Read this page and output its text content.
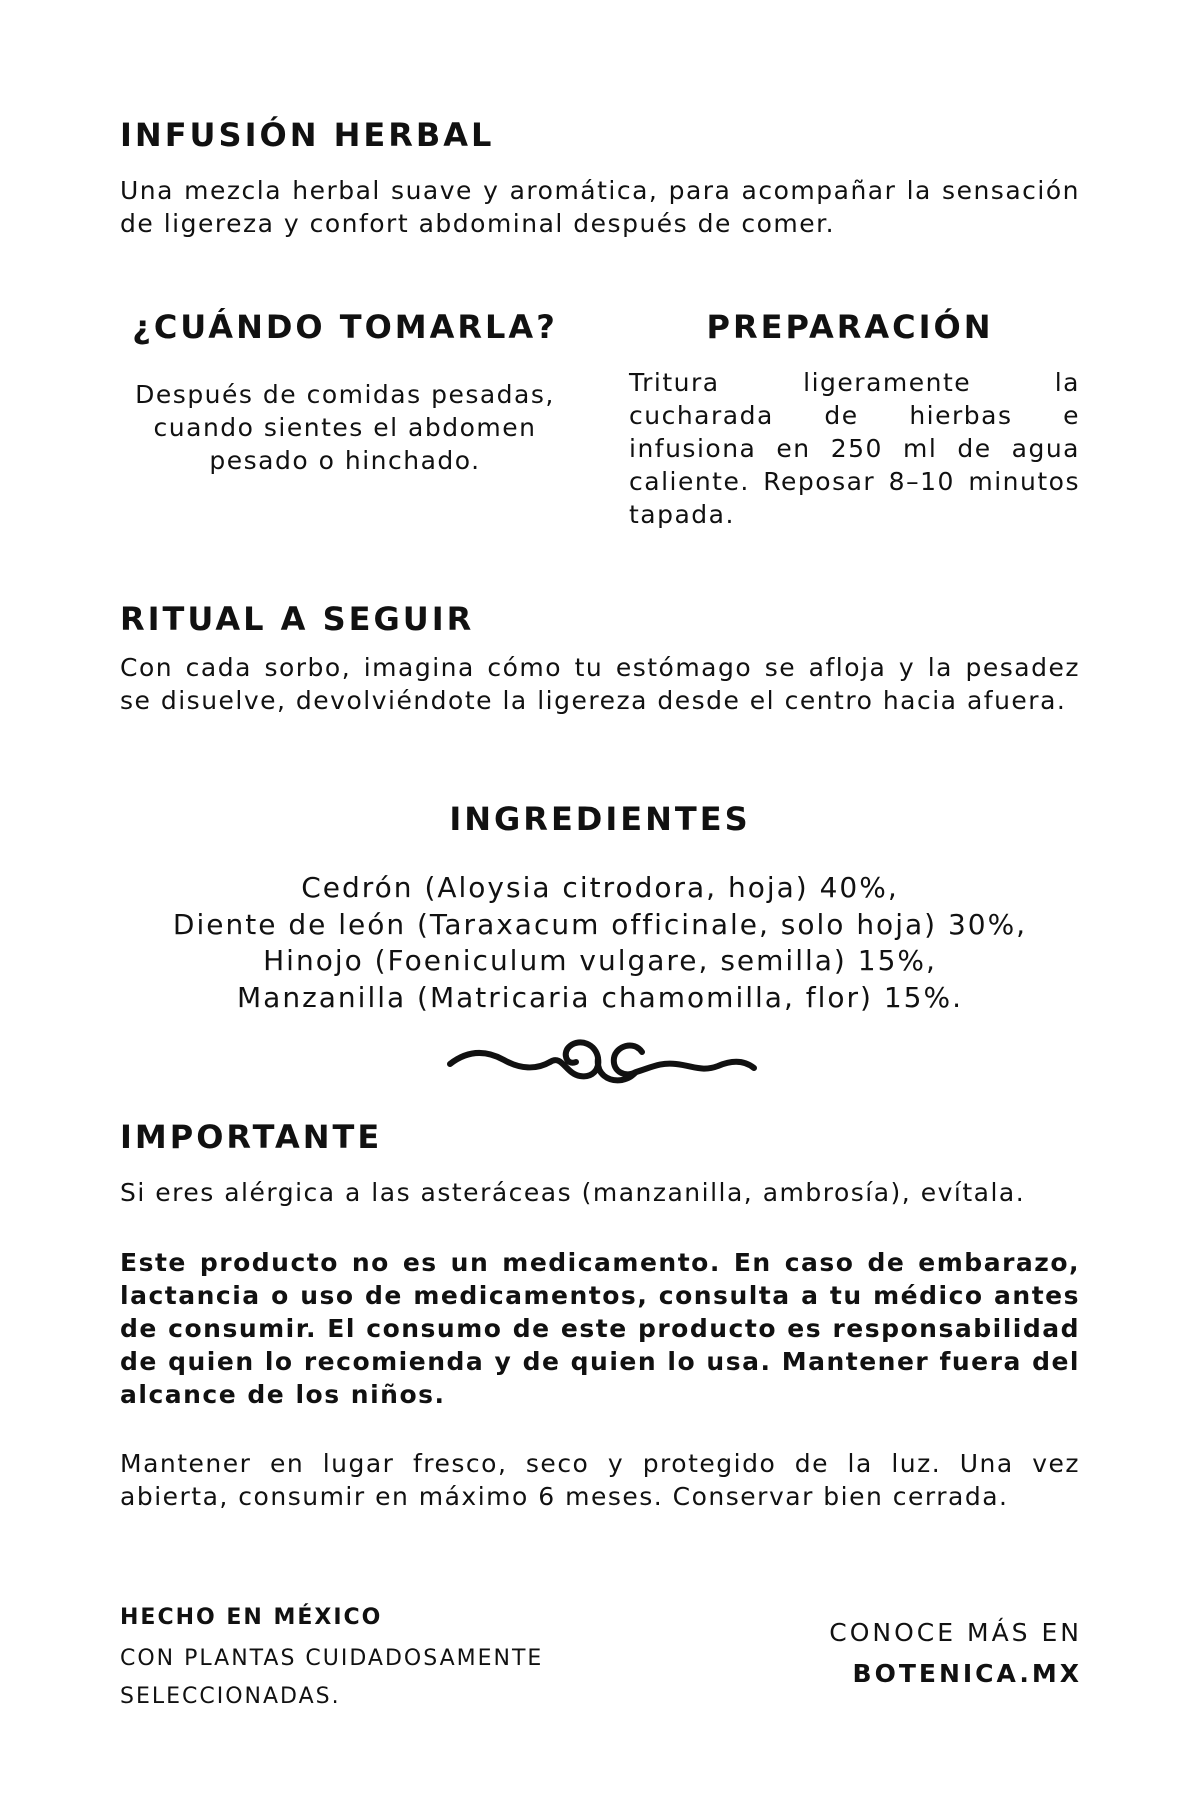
INFUSIÓN HERBAL

Una mezcla herbal suave y aromática, para acompañar la sensación de ligereza y confort abdominal después de comer.

¿CUÁNDO TOMARLA?

Después de comidas pesadas, cuando sientes el abdomen pesado o hinchado.

PREPARACIÓN

Tritura ligeramente la cucharada de hierbas e infusiona en 250 ml de agua caliente. Reposar 8–10 minutos tapada.

RITUAL A SEGUIR

Con cada sorbo, imagina cómo tu estómago se afloja y la pesadez se disuelve, devolviéndote la ligereza desde el centro hacia afuera.

INGREDIENTES
Cedrón (Aloysia citrodora, hoja) 40%,
Diente de león (Taraxacum officinale, solo hoja) 30%,
Hinojo (Foeniculum vulgare, semilla) 15%,
Manzanilla (Matricaria chamomilla, flor) 15%.
IMPORTANTE

Si eres alérgica a las asteráceas (manzanilla, ambrosía), evítala.

Este producto no es un medicamento. En caso de embarazo, lactancia o uso de medicamentos, consulta a tu médico antes de consumir. El consumo de este producto es responsabilidad de quien lo recomienda y de quien lo usa. Mantener fuera del alcance de los niños.

Mantener en lugar fresco, seco y protegido de la luz. Una vez abierta, consumir en máximo 6 meses. Conservar bien cerrada.

HECHO EN MÉXICO
CON PLANTAS CUIDADOSAMENTE SELECCIONADAS.
CONOCE MÁS EN
BOTENICA.MX
